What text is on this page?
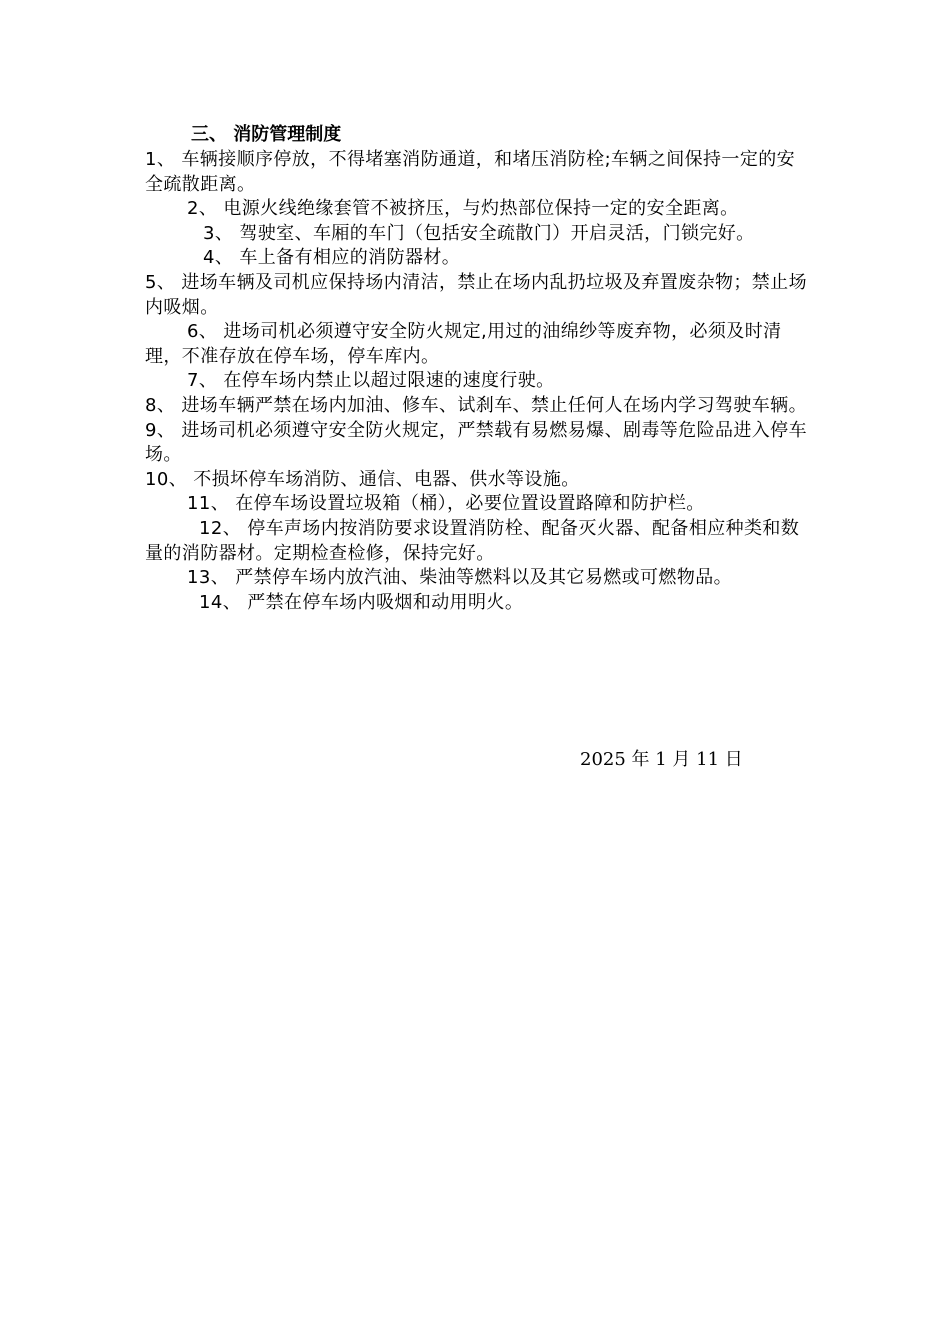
三、 消防管理制度

1、 车辆接顺序停放，不得堵塞消防通道，和堵压消防栓;车辆之间保持一定的安全疏散距离。

2、 电源火线绝缘套管不被挤压，与灼热部位保持一定的安全距离。

3、 驾驶室、车厢的车门（包括安全疏散门）开启灵活，门锁完好。

4、 车上备有相应的消防器材。

5、 进场车辆及司机应保持场内清洁，禁止在场内乱扔垃圾及弃置废杂物；禁止场内吸烟。

6、 进场司机必须遵守安全防火规定,用过的油绵纱等废弃物，必须及时清理，不准存放在停车场，停车库内。

7、 在停车场内禁止以超过限速的速度行驶。

8、 进场车辆严禁在场内加油、修车、试刹车、禁止任何人在场内学习驾驶车辆。

9、 进场司机必须遵守安全防火规定，严禁载有易燃易爆、剧毒等危险品进入停车场。

10、 不损坏停车场消防、通信、电器、供水等设施。

11、 在停车场设置垃圾箱（桶），必要位置设置路障和防护栏。

12、 停车声场内按消防要求设置消防栓、配备灭火器、配备相应种类和数量的消防器材。定期检查检修，保持完好。

13、 严禁停车场内放汽油、柴油等燃料以及其它易燃或可燃物品。

14、 严禁在停车场内吸烟和动用明火。

2025 年 1 月 11 日
